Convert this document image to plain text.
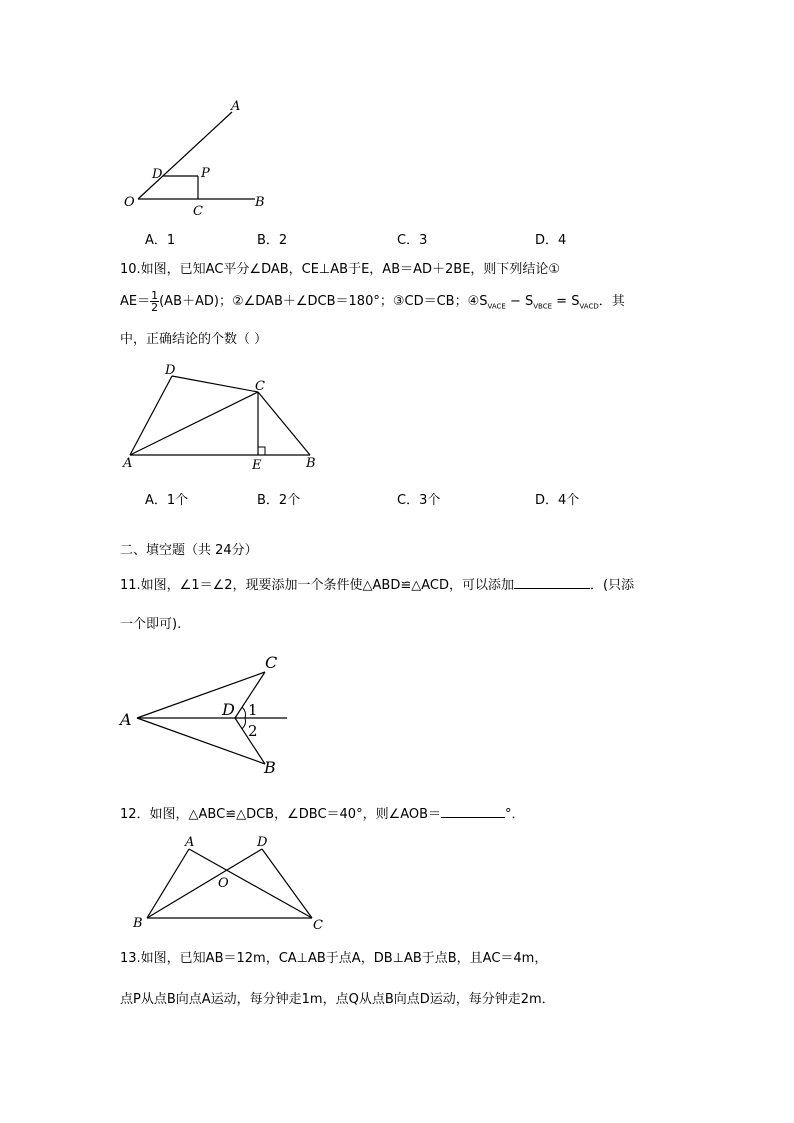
A
D	P
O
C
B
A．1	B．2	C．3	D．4
10.如图，已知AC平分∠DAB，CE⊥AB于E，AB＝AD＋2BE，则下列结论①
$AE= \frac{1}{2} (AB+AD)$；②∠DAB＋∠DCB＝180°；③CD＝CB；$④S_{VACE} - S_{VBCE} = S_{VACD}$．其
中，正确结论的个数（ ）
D
C
A	E	B
A．1个	B．2个	C．3个	D．4个
二、填空题（共 24分）
11.如图，∠1＝∠2，现要添加一个条件使△ABD≌△ACD，可以添加	．(只添
一个即可).
C
A
D 1
2
B
12．如图，△ABC≌△DCB，∠DBC＝40°，则∠AOB＝	°．
A	D
O
B	C
13.如图，已知AB＝12m，CA⊥AB于点A，DB⊥AB于点B，且AC＝4m，
点P从点B向点A运动，每分钟走1m，点Q从点B向点D运动，每分钟走2m．
